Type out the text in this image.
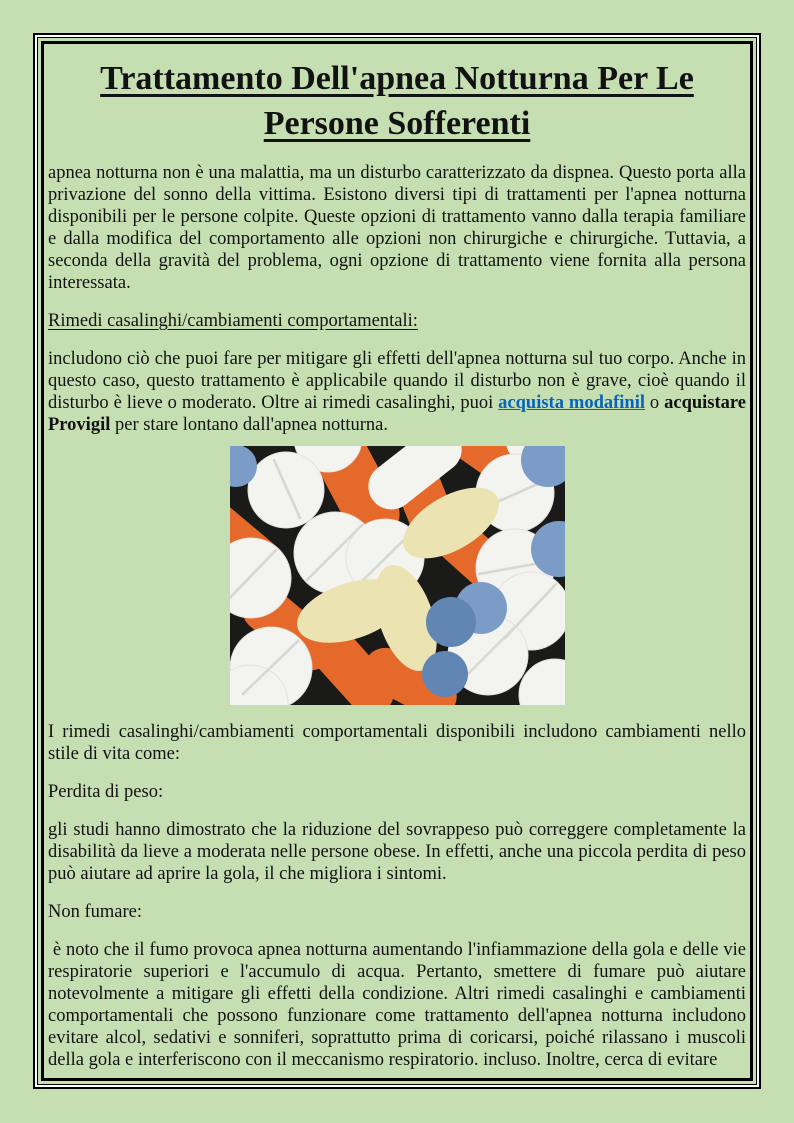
Trattamento Dell'apnea Notturna Per Le Persone Sofferenti

apnea notturna non è una malattia, ma un disturbo caratterizzato da dispnea. Questo porta alla privazione del sonno della vittima. Esistono diversi tipi di trattamenti per l'apnea notturna disponibili per le persone colpite. Queste opzioni di trattamento vanno dalla terapia familiare e dalla modifica del comportamento alle opzioni non chirurgiche e chirurgiche. Tuttavia, a seconda della gravità del problema, ogni opzione di trattamento viene fornita alla persona interessata.

Rimedi casalinghi/cambiamenti comportamentali:

includono ciò che puoi fare per mitigare gli effetti dell'apnea notturna sul tuo corpo. Anche in questo caso, questo trattamento è applicabile quando il disturbo non è grave, cioè quando il disturbo è lieve o moderato. Oltre ai rimedi casalinghi, puoi acquista modafinil o acquistare Provigil per stare lontano dall'apnea notturna.

I rimedi casalinghi/cambiamenti comportamentali disponibili includono cambiamenti nello stile di vita come:

Perdita di peso:

gli studi hanno dimostrato che la riduzione del sovrappeso può correggere completamente la disabilità da lieve a moderata nelle persone obese. In effetti, anche una piccola perdita di peso può aiutare ad aprire la gola, il che migliora i sintomi.

Non fumare:

è noto che il fumo provoca apnea notturna aumentando l'infiammazione della gola e delle vie respiratorie superiori e l'accumulo di acqua. Pertanto, smettere di fumare può aiutare notevolmente a mitigare gli effetti della condizione. Altri rimedi casalinghi e cambiamenti comportamentali che possono funzionare come trattamento dell'apnea notturna includono evitare alcol, sedativi e sonniferi, soprattutto prima di coricarsi, poiché rilassano i muscoli della gola e interferiscono con il meccanismo respiratorio. incluso. Inoltre, cerca di evitare
